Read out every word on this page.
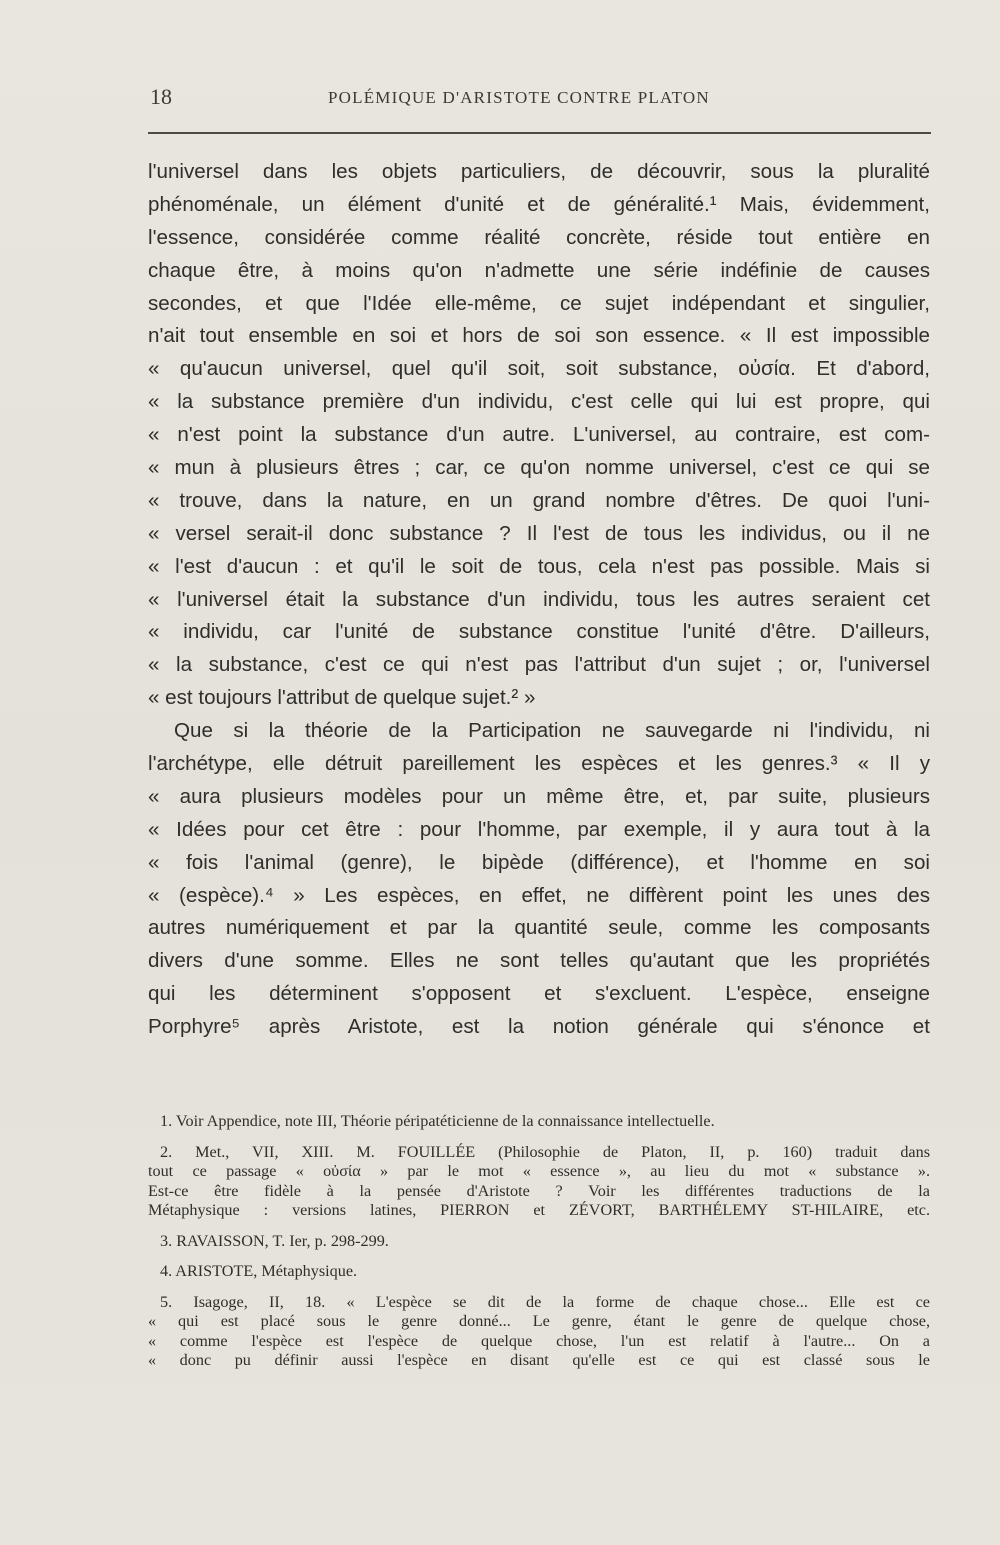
18	POLÉMIQUE D'ARISTOTE CONTRE PLATON
l'universel dans les objets particuliers, de découvrir, sous la pluralité
phénoménale, un élément d'unité et de généralité.¹ Mais, évidemment,
l'essence, considérée comme réalité concrète, réside tout entière en
chaque être, à moins qu'on n'admette une série indéfinie de causes
secondes, et que l'Idée elle-même, ce sujet indépendant et singulier,
n'ait tout ensemble en soi et hors de soi son essence. « Il est impossible
« qu'aucun universel, quel qu'il soit, soit substance, οὐσία. Et d'abord,
« la substance première d'un individu, c'est celle qui lui est propre, qui
« n'est point la substance d'un autre. L'universel, au contraire, est com-
« mun à plusieurs êtres ; car, ce qu'on nomme universel, c'est ce qui se
« trouve, dans la nature, en un grand nombre d'êtres. De quoi l'uni-
« versel serait-il donc substance ? Il l'est de tous les individus, ou il ne
« l'est d'aucun : et qu'il le soit de tous, cela n'est pas possible. Mais si
« l'universel était la substance d'un individu, tous les autres seraient cet
« individu, car l'unité de substance constitue l'unité d'être. D'ailleurs,
« la substance, c'est ce qui n'est pas l'attribut d'un sujet ; or, l'universel
« est toujours l'attribut de quelque sujet.² »
Que si la théorie de la Participation ne sauvegarde ni l'individu, ni
l'archétype, elle détruit pareillement les espèces et les genres.³ « Il y
« aura plusieurs modèles pour un même être, et, par suite, plusieurs
« Idées pour cet être : pour l'homme, par exemple, il y aura tout à la
« fois l'animal (genre), le bipède (différence), et l'homme en soi
« (espèce).⁴ » Les espèces, en effet, ne diffèrent point les unes des
autres numériquement et par la quantité seule, comme les composants
divers d'une somme. Elles ne sont telles qu'autant que les propriétés
qui les déterminent s'opposent et s'excluent. L'espèce, enseigne
Porphyre⁵ après Aristote, est la notion générale qui s'énonce et
1. Voir Appendice, note III, Théorie péripatéticienne de la connaissance intellectuelle.
2. Met., VII, XIII. M. FOUILLÉE (Philosophie de Platon, II, p. 160) traduit dans
tout ce passage « οὐσία » par le mot « essence », au lieu du mot « substance ».
Est-ce être fidèle à la pensée d'Aristote ? Voir les différentes traductions de la
Métaphysique : versions latines, PIERRON et ZÉVORT, BARTHÉLEMY ST-HILAIRE, etc.
3. RAVAISSON, T. Ier, p. 298-299.
4. ARISTOTE, Métaphysique.
5. Isagoge, II, 18. « L'espèce se dit de la forme de chaque chose... Elle est ce
« qui est placé sous le genre donné... Le genre, étant le genre de quelque chose,
« comme l'espèce est l'espèce de quelque chose, l'un est relatif à l'autre... On a
« donc pu définir aussi l'espèce en disant qu'elle est ce qui est classé sous le
